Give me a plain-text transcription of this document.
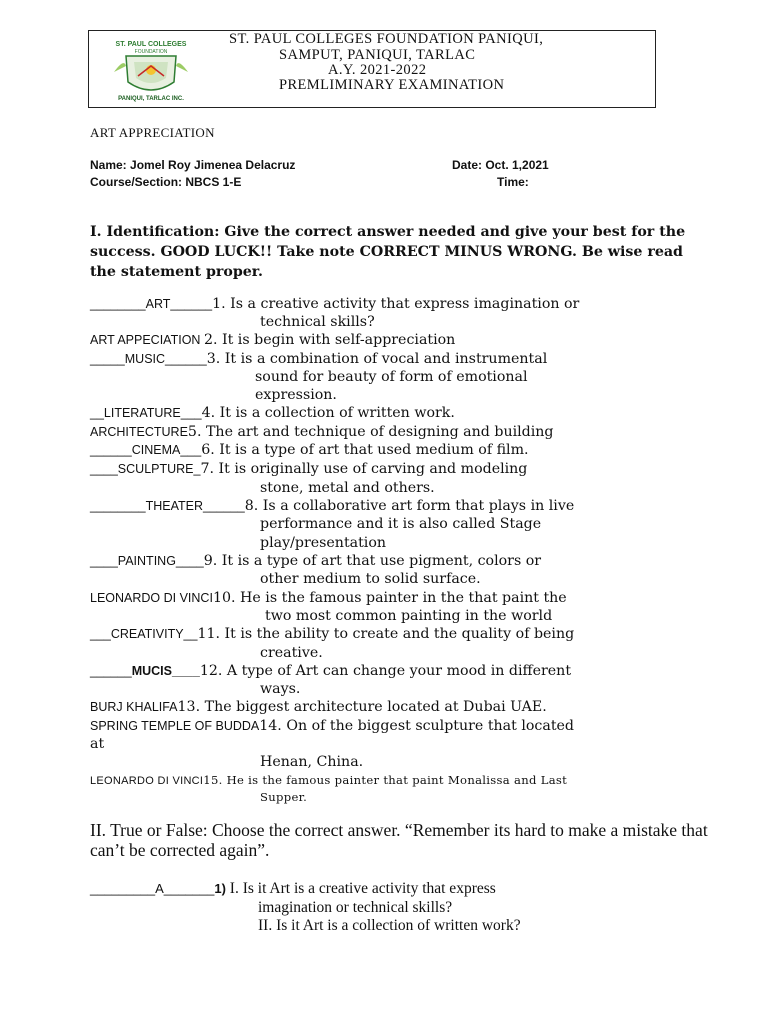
ST. PAUL COLLEGES
FOUNDATION
PANIQUI, TARLAC INC.
ST. PAUL COLLEGES FOUNDATION PANIQUI,
SAMPUT, PANIQUI, TARLAC
A.Y. 2021-2022
PREMLIMINARY EXAMINATION
ART APPRECIATION
Name: Jomel Roy Jimenea Delacruz	Date: Oct. 1,2021
Course/Section: NBCS 1-E	Time:
I. Identification: Give the correct answer needed and give your best for the success. GOOD LUCK!! Take note CORRECT MINUS WRONG. Be wise read the statement proper.
________ART______1. Is a creative activity that express imagination or
technical skills?
ART APPECIATION 2. It is begin with self-appreciation
_____MUSIC______3. It is a combination of vocal and instrumental
sound for beauty of form of emotional
expression.
__LITERATURE___4. It is a collection of written work.
ARCHITECTURE5. The art and technique of designing and building
______CINEMA___6. It is a type of art that used medium of film.
____SCULPTURE_7. It is originally use of carving and modeling
stone, metal and others.
________THEATER______8. Is a collaborative art form that plays in live
performance and it is also called Stage
play/presentation
____PAINTING____9. It is a type of art that use pigment, colors or
other medium to solid surface.
LEONARDO DI VINCI10. He is the famous painter in the that paint the
two most common painting in the world
___CREATIVITY__11. It is the ability to create and the quality of being
creative.
______MUCIS____12. A type of Art can change your mood in different
ways.
BURJ KHALIFA13. The biggest architecture located at Dubai UAE.
SPRING TEMPLE OF BUDDA14. On of the biggest sculpture that located
at
Henan, China.
LEONARDO DI VINCI15. He is the famous painter that paint Monalissa and Last
Supper.
II. True or False: Choose the correct answer. “Remember its hard to make a mistake that can’t be corrected again”.
_________A_______1) I. Is it Art is a creative activity that express
imagination or technical skills?
II. Is it Art is a collection of written work?
